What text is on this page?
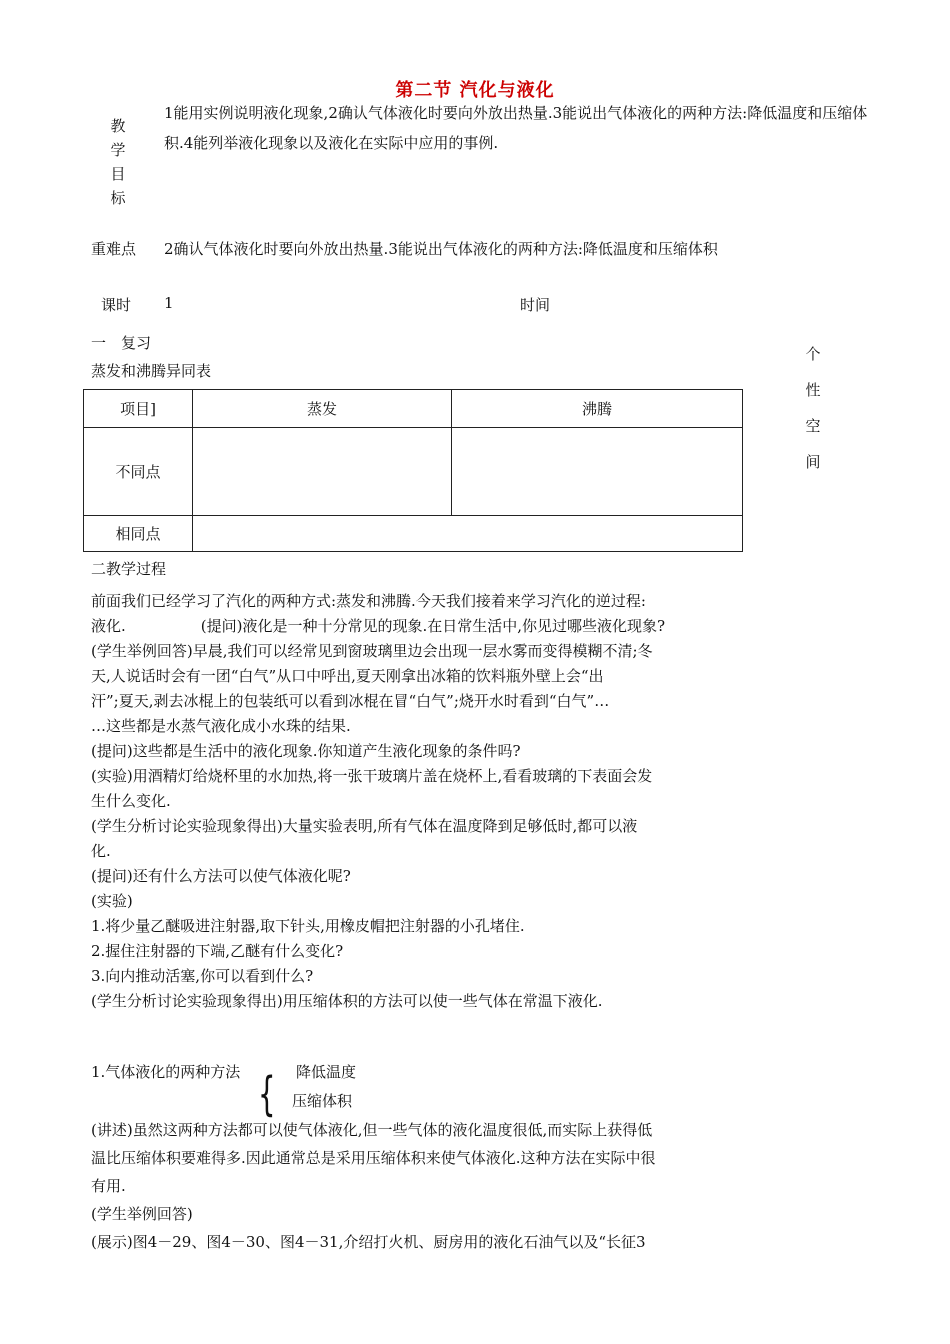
第二节 汽化与液化
教
学
目
标
1能用实例说明液化现象,2确认气体液化时要向外放出热量.3能说出气体液化的两种方法:降低温度和压缩体积.4能列举液化现象以及液化在实际中应用的事例.
重难点 2确认气体液化时要向外放出热量.3能说出气体液化的两种方法:降低温度和压缩体积
课时 1	时间
一　复习
蒸发和沸腾异同表
项目]	蒸发	沸腾
不同点		
相同点		
个
性
空
间
二教学过程
前面我们已经学习了汽化的两种方式:蒸发和沸腾.今天我们接着来学习汽化的逆过程:
液化.　　　　　(提问)液化是一种十分常见的现象.在日常生活中,你见过哪些液化现象?
(学生举例回答)早晨,我们可以经常见到窗玻璃里边会出现一层水雾而变得模糊不清;冬
天,人说话时会有一团“白气”从口中呼出,夏天刚拿出冰箱的饮料瓶外壁上会“出
汗”;夏天,剥去冰棍上的包装纸可以看到冰棍在冒“白气”;烧开水时看到“白气”…
…这些都是水蒸气液化成小水珠的结果.
(提问)这些都是生活中的液化现象.你知道产生液化现象的条件吗?
(实验)用酒精灯给烧杯里的水加热,将一张干玻璃片盖在烧杯上,看看玻璃的下表面会发
生什么变化.
(学生分析讨论实验现象得出)大量实验表明,所有气体在温度降到足够低时,都可以液
化.
(提问)还有什么方法可以使气体液化呢?
(实验)
1.将少量乙醚吸进注射器,取下针头,用橡皮帽把注射器的小孔堵住.
2.握住注射器的下端,乙醚有什么变化?
3.向内推动活塞,你可以看到什么?
(学生分析讨论实验现象得出)用压缩体积的方法可以使一些气体在常温下液化.
1.气体液化的两种方法 { 降低温度
压缩体积
(讲述)虽然这两种方法都可以使气体液化,但一些气体的液化温度很低,而实际上获得低
温比压缩体积要难得多.因此通常总是采用压缩体积来使气体液化.这种方法在实际中很
有用.
(学生举例回答)
(展示)图4－29、图4－30、图4－31,介绍打火机、厨房用的液化石油气以及“长征3
